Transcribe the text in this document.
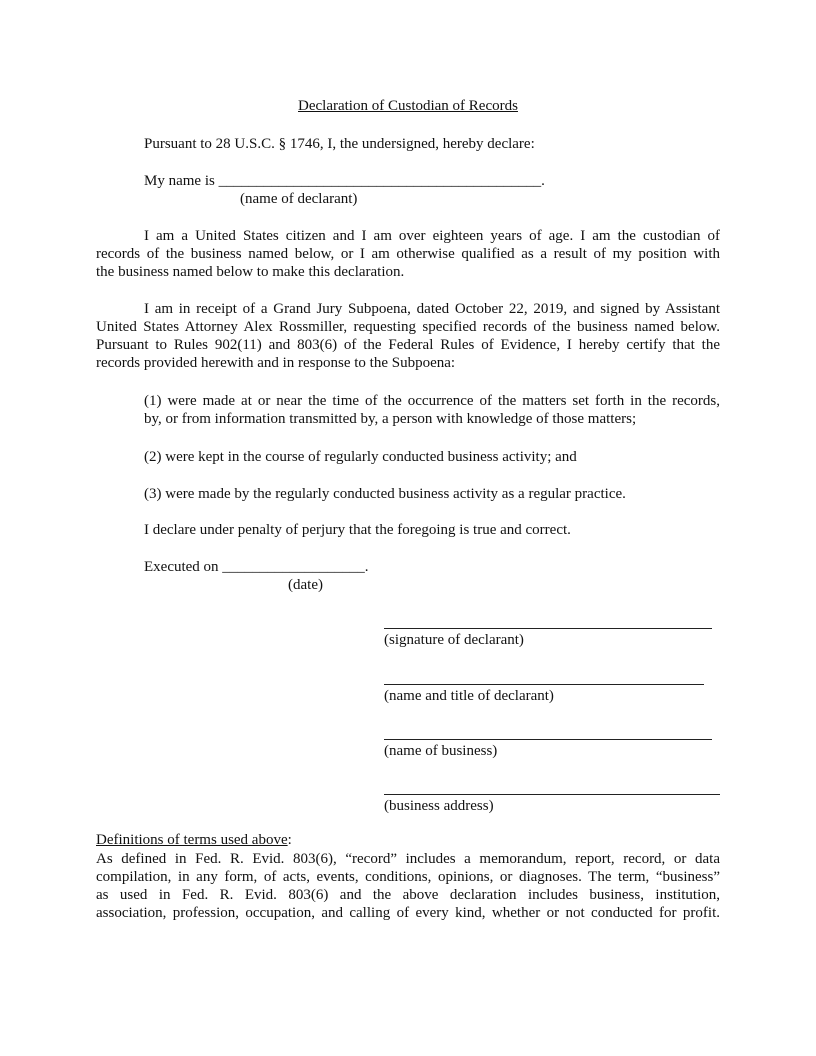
Declaration of Custodian of Records
Pursuant to 28 U.S.C. § 1746, I, the undersigned, hereby declare:
My name is ___________________________________________.
(name of declarant)
I am a United States citizen and I am over eighteen years of age. I am the custodian of
records of the business named below, or I am otherwise qualified as a result of my position with
the business named below to make this declaration.
I am in receipt of a Grand Jury Subpoena, dated October 22, 2019, and signed by Assistant
United States Attorney Alex Rossmiller, requesting specified records of the business named below.
Pursuant to Rules 902(11) and 803(6) of the Federal Rules of Evidence, I hereby certify that the
records provided herewith and in response to the Subpoena:
(1) were made at or near the time of the occurrence of the matters set forth in the records,
by, or from information transmitted by, a person with knowledge of those matters;
(2) were kept in the course of regularly conducted business activity; and
(3) were made by the regularly conducted business activity as a regular practice.
I declare under penalty of perjury that the foregoing is true and correct.
Executed on ___________________.
(date)
(signature of declarant)
(name and title of declarant)
(name of business)
(business address)
Definitions of terms used above:
As defined in Fed. R. Evid. 803(6), “record” includes a memorandum, report, record, or data
compilation, in any form, of acts, events, conditions, opinions, or diagnoses. The term, “business”
as used in Fed. R. Evid. 803(6) and the above declaration includes business, institution,
association, profession, occupation, and calling of every kind, whether or not conducted for profit.
